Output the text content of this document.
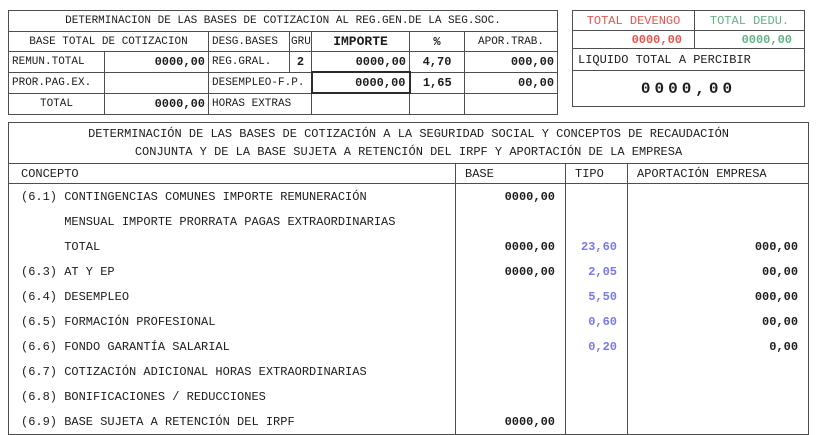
DETERMINACION DE LAS BASES DE COTIZACION AL REG.GEN.DE LA SEG.SOC.						
BASE TOTAL DE COTIZACION		DESG.BASES	GRU	IMPORTE	%	APOR.TRAB.
REMUN.TOTAL	0000,00	REG.GRAL.	2	0000,00	4,70	000,00
PROR.PAG.EX.		DESEMPLEO-F.P.		0000,00	1,65	00,00
TOTAL	0000,00	HORAS EXTRAS				
TOTAL DEVENGO	TOTAL DEDU.
0000,00	0000,00
LIQUIDO TOTAL A PERCIBIR	
0000,00	
DETERMINACIÓN DE LAS BASES DE COTIZACIÓN A LA SEGURIDAD SOCIAL Y CONCEPTOS DE RECAUDACIÓN
CONJUNTA Y DE LA BASE SUJETA A RETENCIÓN DEL IRPF Y APORTACIÓN DE LA EMPRESA			

CONCEPTO	BASE	TIPO	APORTACIÓN EMPRESA
(6.1) CONTINGENCIAS COMUNES IMPORTE REMUNERACIÓN	0000,00		
MENSUAL IMPORTE PRORRATA PAGAS EXTRAORDINARIAS			
TOTAL	0000,00	23,60	000,00
(6.3) AT Y EP	0000,00	2,05	00,00
(6.4) DESEMPLEO		5,50	000,00
(6.5) FORMACIÓN PROFESIONAL		0,60	00,00
(6.6) FONDO GARANTÍA SALARIAL		0,20	0,00
(6.7) COTIZACIÓN ADICIONAL HORAS EXTRAORDINARIAS			
(6.8) BONIFICACIONES / REDUCCIONES			
(6.9) BASE SUJETA A RETENCIÓN DEL IRPF	0000,00		
